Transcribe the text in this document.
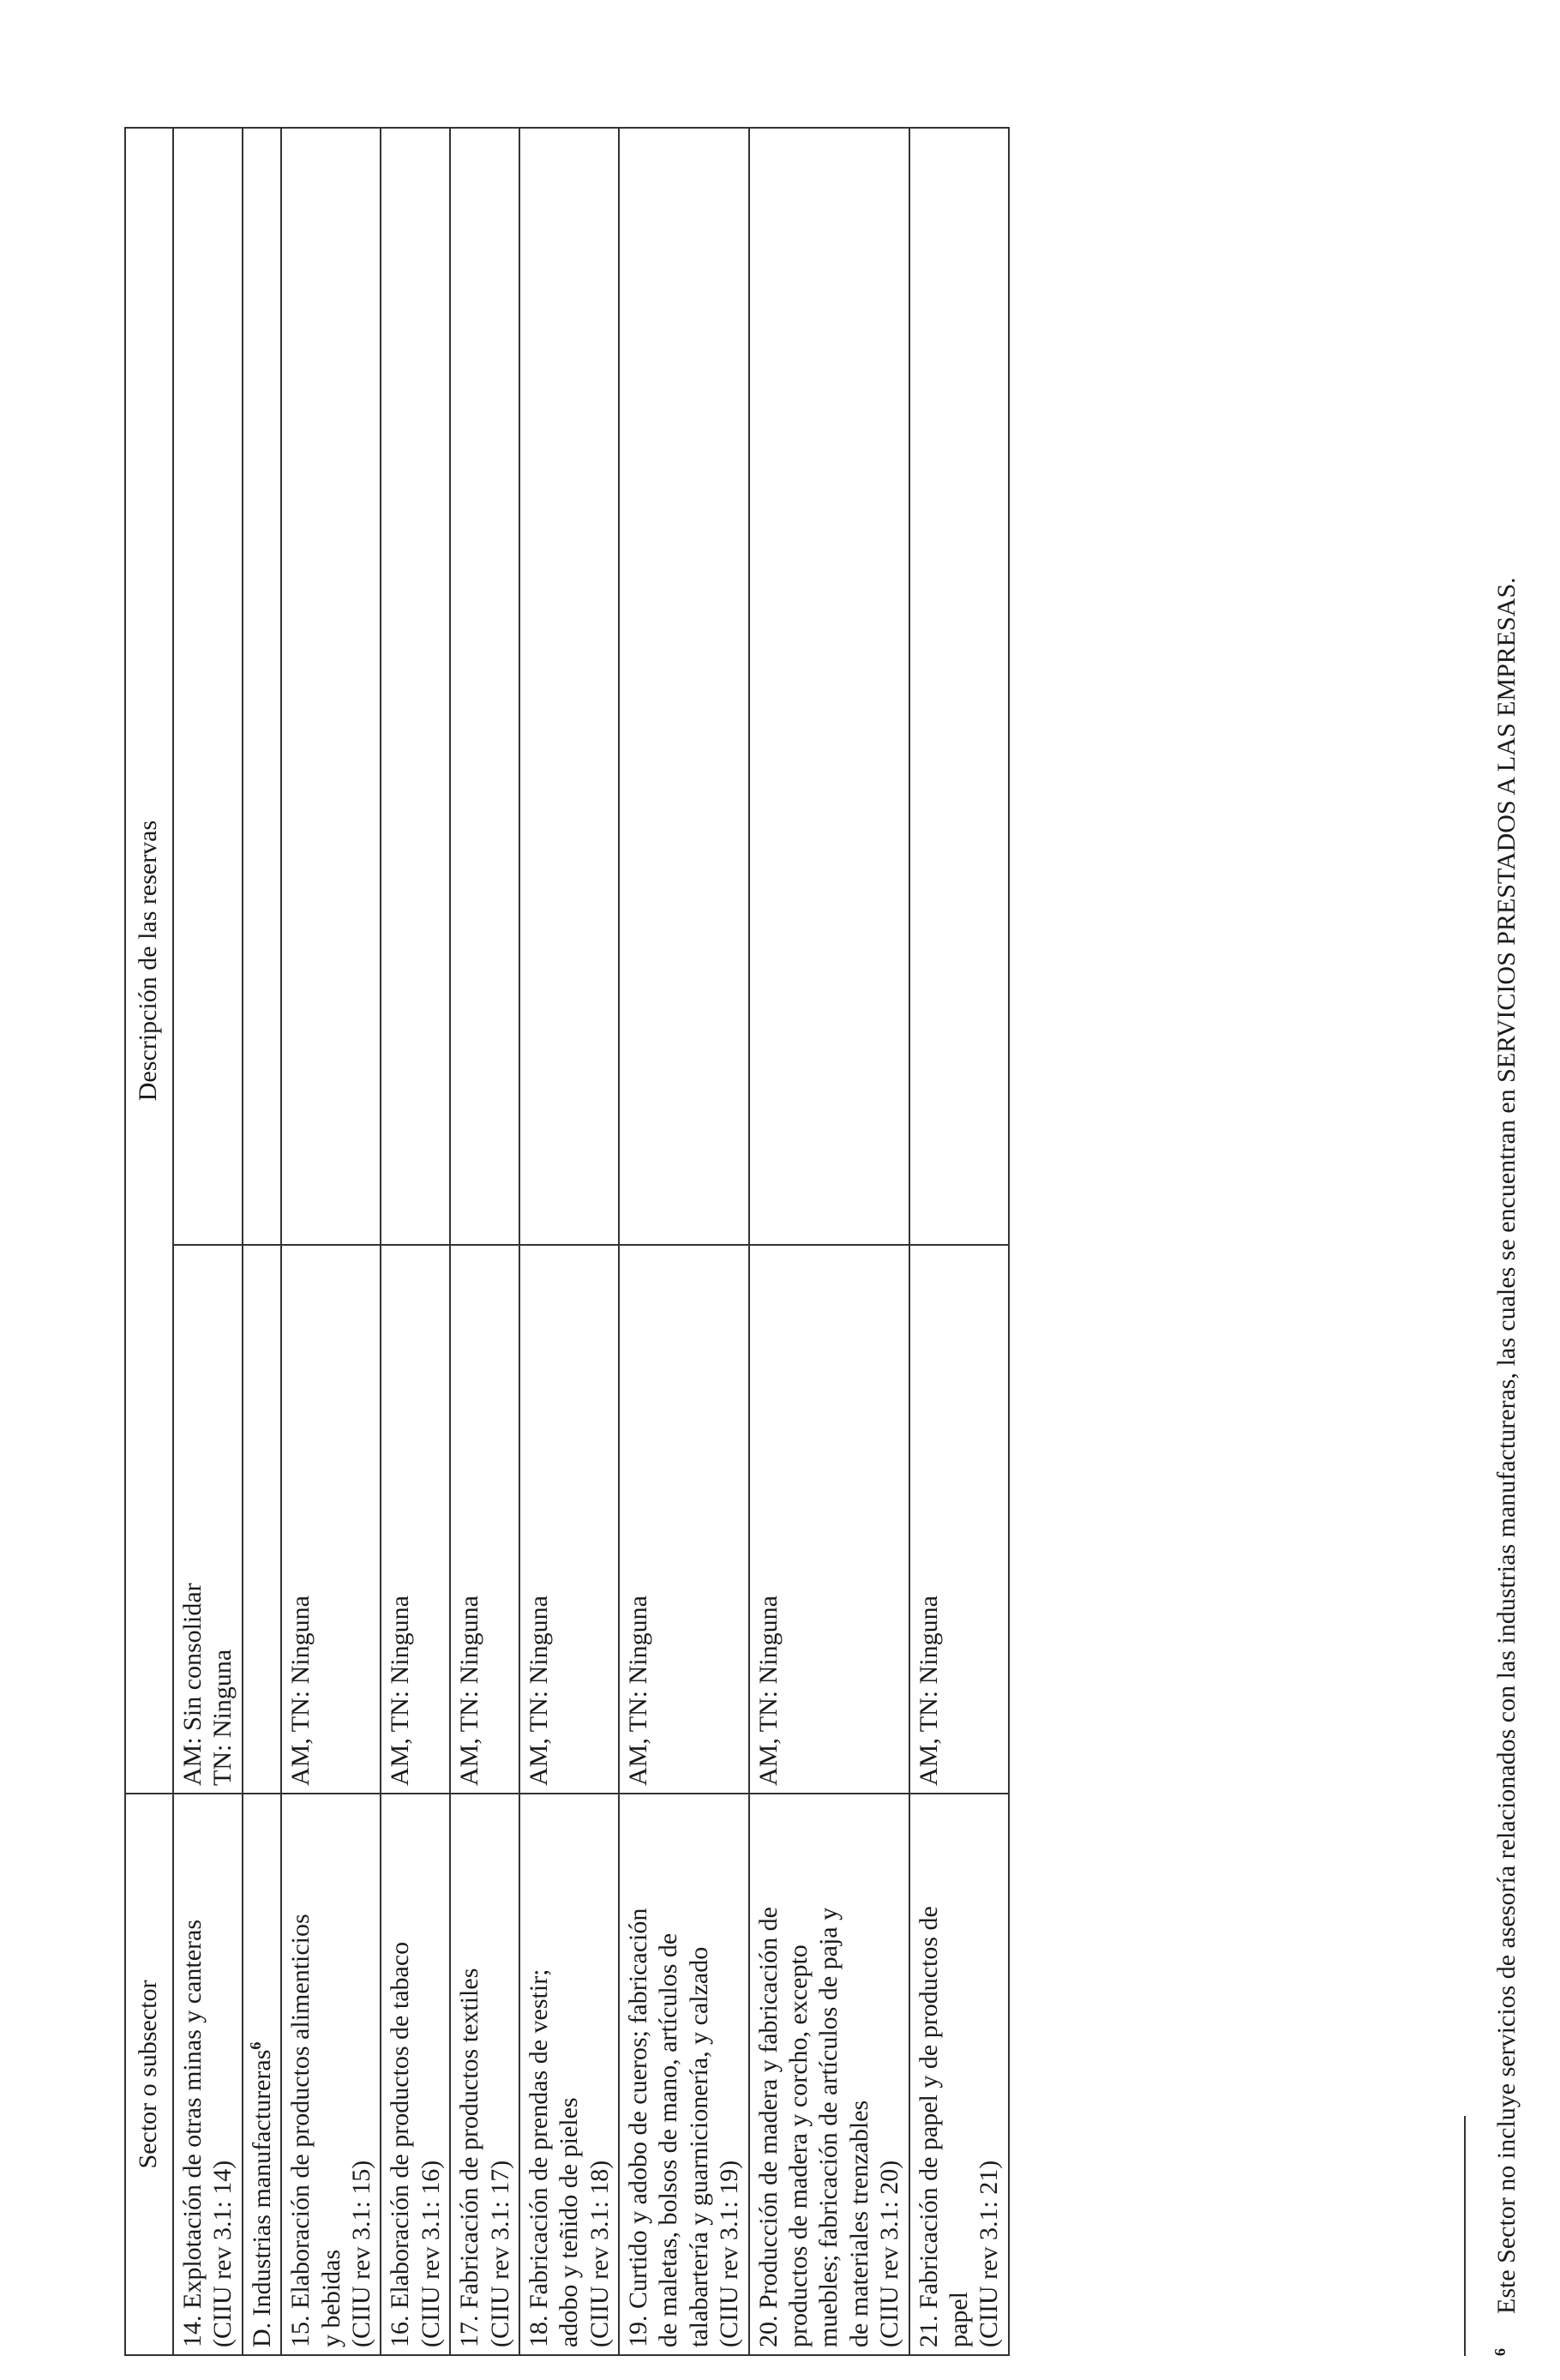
Sector o subsector	Descripción de las reservas	
14. Explotación de otras minas y canteras
(CIIU rev 3.1: 14)	AM: Sin consolidar
TN: Ninguna	
D. Industrias manufactureras$^6$		
15. Elaboración de productos alimenticios
y bebidas
(CIIU rev 3.1: 15)	AM, TN: Ninguna	
16. Elaboración de productos de tabaco
(CIIU rev 3.1: 16)	AM, TN: Ninguna	
17. Fabricación de productos textiles
(CIIU rev 3.1: 17)	AM, TN: Ninguna	
18. Fabricación de prendas de vestir;
adobo y teñido de pieles
(CIIU rev 3.1: 18)	AM, TN: Ninguna	
19. Curtido y adobo de cueros; fabricación
de maletas, bolsos de mano, artículos de
talabartería y guarnicionería, y calzado
(CIIU rev 3.1: 19)	AM, TN: Ninguna	
20. Producción de madera y fabricación de
productos de madera y corcho, excepto
muebles; fabricación de artículos de paja y
de materiales trenzables
(CIIU rev 3.1: 20)	AM, TN: Ninguna	
21. Fabricación de papel y de productos de
papel
(CIIU rev 3.1: 21)	AM, TN: Ninguna	
$^6$Este Sector no incluye servicios de asesoría relacionados con las industrias manufactureras, las cuales se encuentran en SERVICIOS PRESTADOS A LAS EMPRESAS.
